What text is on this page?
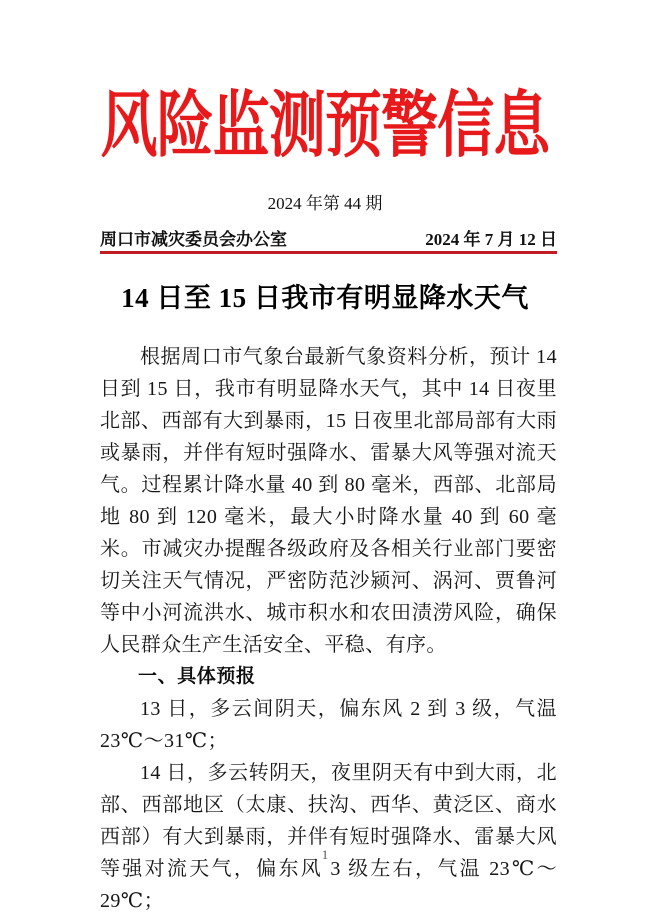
风险监测预警信息
2024 年第 44 期
周口市减灾委员会办公室	2024 年 7 月 12 日
14 日至 15 日我市有明显降水天气

根据周口市气象台最新气象资料分析，预计 14 日到 15 日，我市有明显降水天气，其中 14 日夜里北部、西部有大到暴雨，15 日夜里北部局部有大雨或暴雨，并伴有短时强降水、雷暴大风等强对流天气。过程累计降水量 40 到 80 毫米，西部、北部局地 80 到 120 毫米，最大小时降水量 40 到 60 毫米。市减灾办提醒各级政府及各相关行业部门要密切关注天气情况，严密防范沙颍河、涡河、贾鲁河等中小河流洪水、城市积水和农田渍涝风险，确保人民群众生产生活安全、平稳、有序。

一、具体预报

13 日，多云间阴天，偏东风 2 到 3 级，气温 23℃～31℃；

14 日，多云转阴天，夜里阴天有中到大雨，北部、西部地区（太康、扶沟、西华、黄泛区、商水西部）有大到暴雨，并伴有短时强降水、雷暴大风等强对流天气，偏东风 3 级左右，气温 23℃～29℃；

1
